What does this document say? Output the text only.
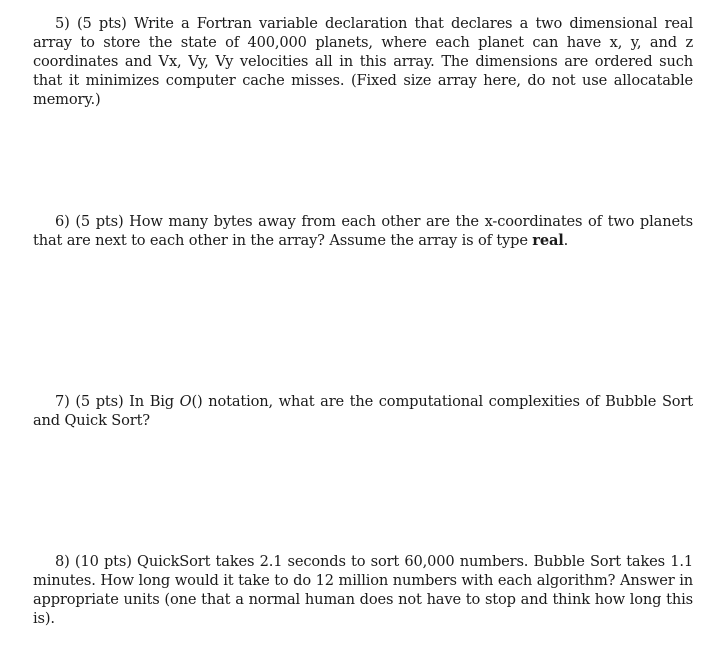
5) (5 pts) Write a Fortran variable declaration that declares a two dimensional real array to store the state of 400,000 planets, where each planet can have x, y, and z coordinates and Vx, Vy, Vy velocities all in this array. The dimensions are ordered such that it minimizes computer cache misses. (Fixed size array here, do not use allocatable memory.)

6) (5 pts) How many bytes away from each other are the x-coordinates of two planets that are next to each other in the array? Assume the array is of type real.

7) (5 pts) In Big O() notation, what are the computational complexities of Bubble Sort and Quick Sort?

8) (10 pts) QuickSort takes 2.1 seconds to sort 60,000 numbers. Bubble Sort takes 1.1 minutes. How long would it take to do 12 million numbers with each algorithm? Answer in appropriate units (one that a normal human does not have to stop and think how long this is).
